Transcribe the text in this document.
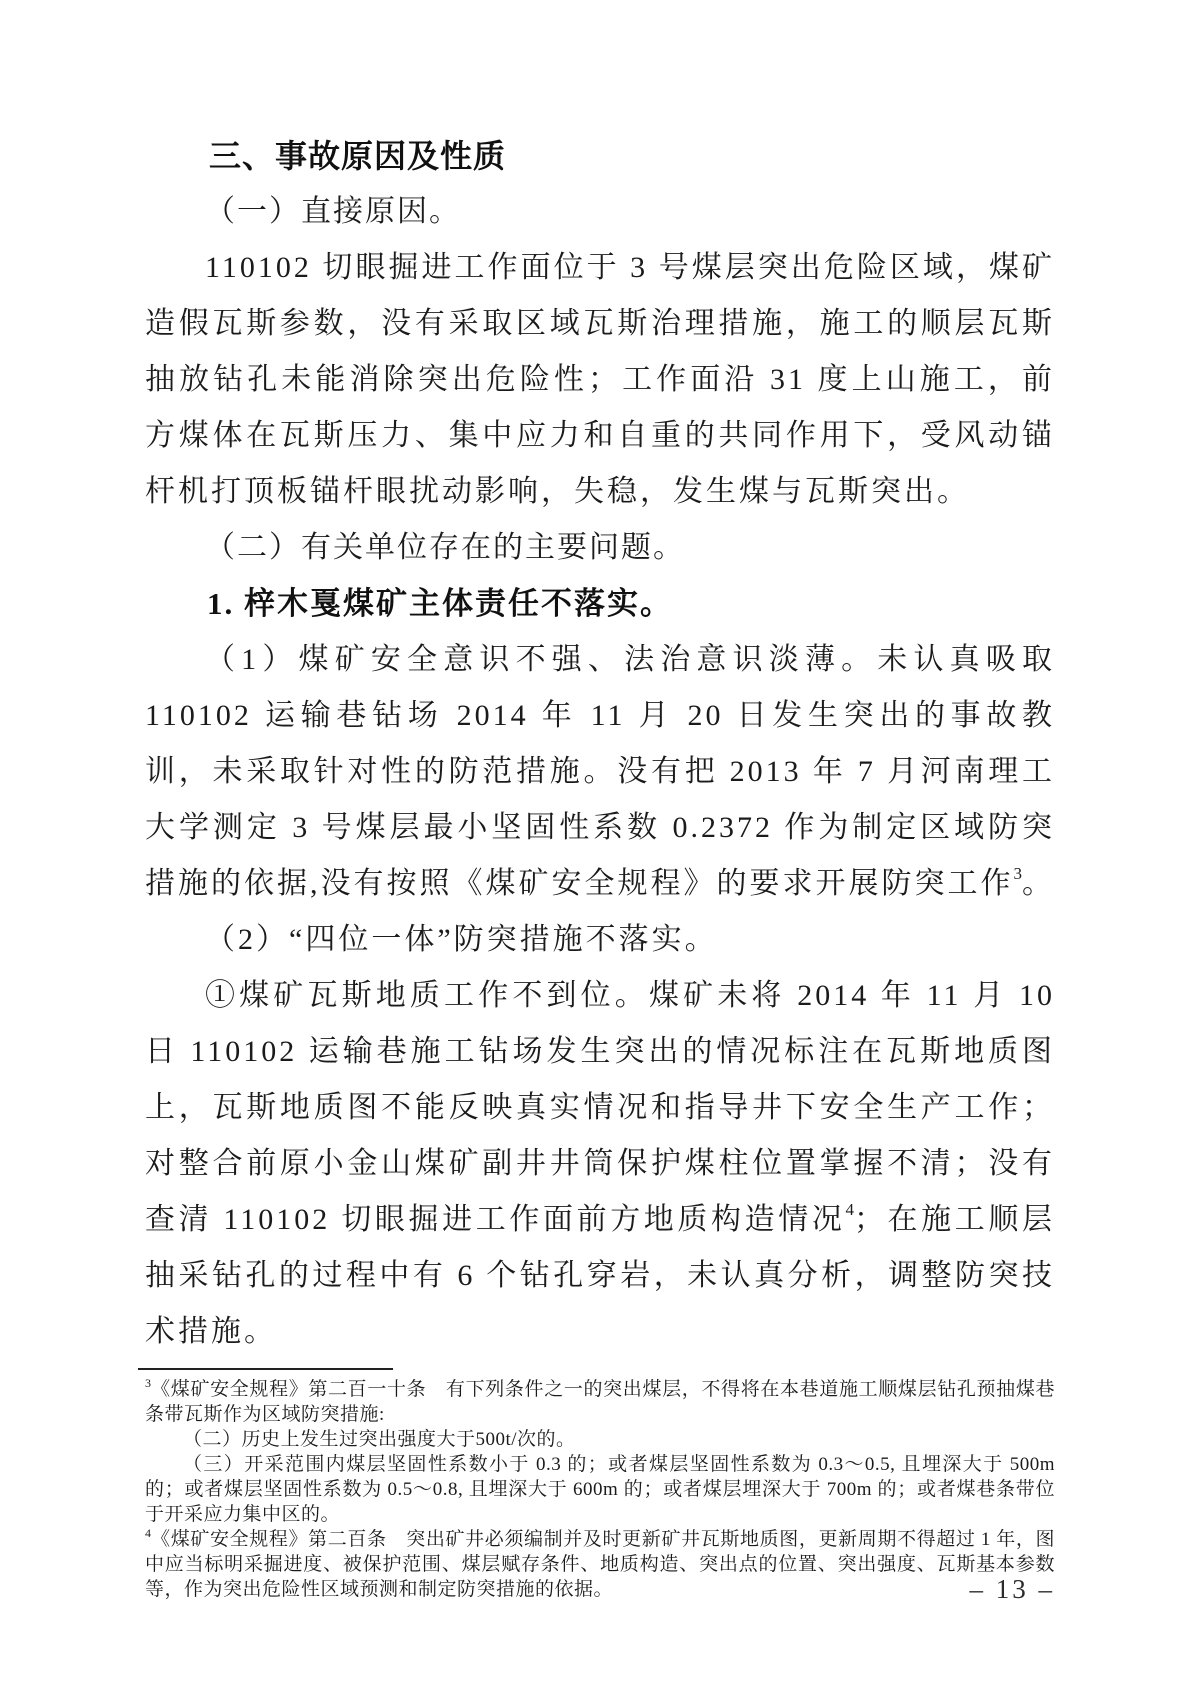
三、事故原因及性质
（一）直接原因。

110102 切眼掘进工作面位于 3 号煤层突出危险区域，煤矿造假瓦斯参数，没有采取区域瓦斯治理措施，施工的顺层瓦斯抽放钻孔未能消除突出危险性；工作面沿 31 度上山施工，前方煤体在瓦斯压力、集中应力和自重的共同作用下，受风动锚杆机打顶板锚杆眼扰动影响，失稳，发生煤与瓦斯突出。

（二）有关单位存在的主要问题。
1. 梓木戛煤矿主体责任不落实。

（1）煤矿安全意识不强、法治意识淡薄。未认真吸取 110102 运输巷钻场 2014 年 11 月 20 日发生突出的事故教训，未采取针对性的防范措施。没有把 2013 年 7 月河南理工大学测定 3 号煤层最小坚固性系数 0.2372 作为制定区域防突措施的依据,没有按照《煤矿安全规程》的要求开展防突工作$^3$。

（2）“四位一体”防突措施不落实。

①煤矿瓦斯地质工作不到位。煤矿未将 2014 年 11 月 10 日 110102 运输巷施工钻场发生突出的情况标注在瓦斯地质图上，瓦斯地质图不能反映真实情况和指导井下安全生产工作；对整合前原小金山煤矿副井井筒保护煤柱位置掌握不清；没有查清 110102 切眼掘进工作面前方地质构造情况$^4$；在施工顺层抽采钻孔的过程中有 6 个钻孔穿岩，未认真分析，调整防突技术措施。

$^3$《煤矿安全规程》第二百一十条　有下列条件之一的突出煤层，不得将在本巷道施工顺煤层钻孔预抽煤巷条带瓦斯作为区域防突措施:

（二）历史上发生过突出强度大于500t/次的。

（三）开采范围内煤层坚固性系数小于 0.3 的；或者煤层坚固性系数为 0.3～0.5, 且埋深大于 500m 的；或者煤层坚固性系数为 0.5～0.8, 且埋深大于 600m 的；或者煤层埋深大于 700m 的；或者煤巷条带位于开采应力集中区的。

$^4$《煤矿安全规程》第二百条　突出矿井必须编制并及时更新矿井瓦斯地质图，更新周期不得超过 1 年，图中应当标明采掘进度、被保护范围、煤层赋存条件、地质构造、突出点的位置、突出强度、瓦斯基本参数等，作为突出危险性区域预测和制定防突措施的依据。	– 13 –
